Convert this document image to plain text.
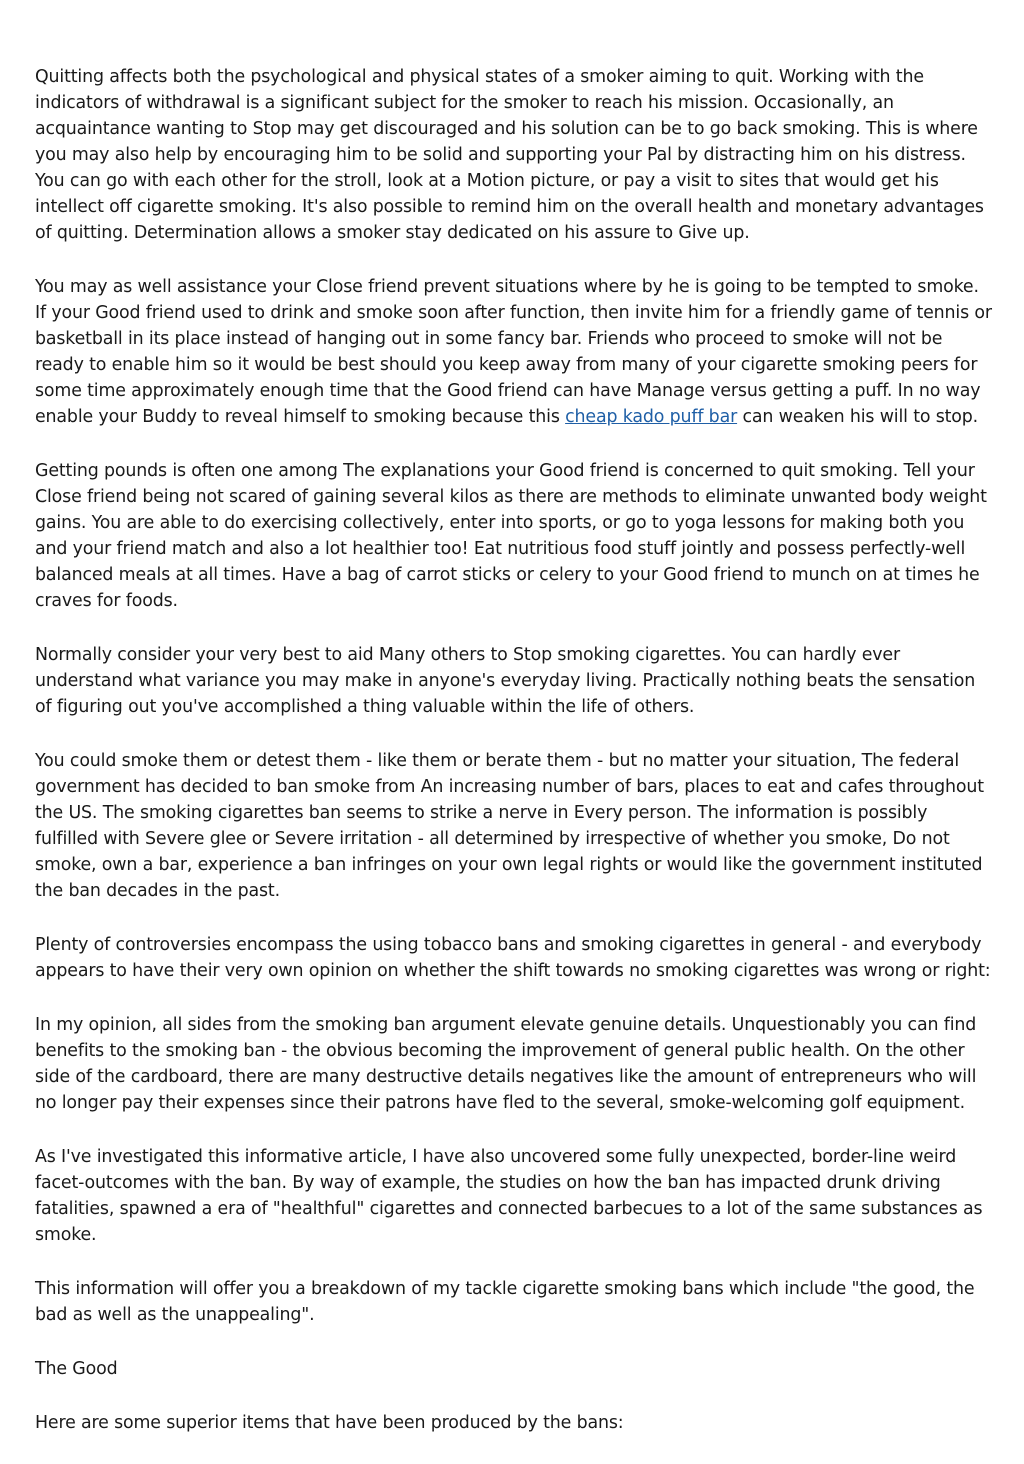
Quitting affects both the psychological and physical states of a smoker aiming to quit. Working with the indicators of withdrawal is a significant subject for the smoker to reach his mission. Occasionally, an acquaintance wanting to Stop may get discouraged and his solution can be to go back smoking. This is where you may also help by encouraging him to be solid and supporting your Pal by distracting him on his distress. You can go with each other for the stroll, look at a Motion picture, or pay a visit to sites that would get his intellect off cigarette smoking. It's also possible to remind him on the overall health and monetary advantages of quitting. Determination allows a smoker stay dedicated on his assure to Give up.

You may as well assistance your Close friend prevent situations where by he is going to be tempted to smoke. If your Good friend used to drink and smoke soon after function, then invite him for a friendly game of tennis or basketball in its place instead of hanging out in some fancy bar. Friends who proceed to smoke will not be ready to enable him so it would be best should you keep away from many of your cigarette smoking peers for some time approximately enough time that the Good friend can have Manage versus getting a puff. In no way enable your Buddy to reveal himself to smoking because this cheap kado puff bar can weaken his will to stop.

Getting pounds is often one among The explanations your Good friend is concerned to quit smoking. Tell your Close friend being not scared of gaining several kilos as there are methods to eliminate unwanted body weight gains. You are able to do exercising collectively, enter into sports, or go to yoga lessons for making both you and your friend match and also a lot healthier too! Eat nutritious food stuff jointly and possess perfectly-well balanced meals at all times. Have a bag of carrot sticks or celery to your Good friend to munch on at times he craves for foods.

Normally consider your very best to aid Many others to Stop smoking cigarettes. You can hardly ever understand what variance you may make in anyone's everyday living. Practically nothing beats the sensation of figuring out you've accomplished a thing valuable within the life of others.

You could smoke them or detest them - like them or berate them - but no matter your situation, The federal government has decided to ban smoke from An increasing number of bars, places to eat and cafes throughout the US. The smoking cigarettes ban seems to strike a nerve in Every person. The information is possibly fulfilled with Severe glee or Severe irritation - all determined by irrespective of whether you smoke, Do not smoke, own a bar, experience a ban infringes on your own legal rights or would like the government instituted the ban decades in the past.

Plenty of controversies encompass the using tobacco bans and smoking cigarettes in general - and everybody appears to have their very own opinion on whether the shift towards no smoking cigarettes was wrong or right:

In my opinion, all sides from the smoking ban argument elevate genuine details. Unquestionably you can find benefits to the smoking ban - the obvious becoming the improvement of general public health. On the other side of the cardboard, there are many destructive details negatives like the amount of entrepreneurs who will no longer pay their expenses since their patrons have fled to the several, smoke-welcoming golf equipment.

As I've investigated this informative article, I have also uncovered some fully unexpected, border-line weird facet-outcomes with the ban. By way of example, the studies on how the ban has impacted drunk driving fatalities, spawned a era of "healthful" cigarettes and connected barbecues to a lot of the same substances as smoke.

This information will offer you a breakdown of my tackle cigarette smoking bans which include "the good, the bad as well as the unappealing".

The Good

Here are some superior items that have been produced by the bans:
